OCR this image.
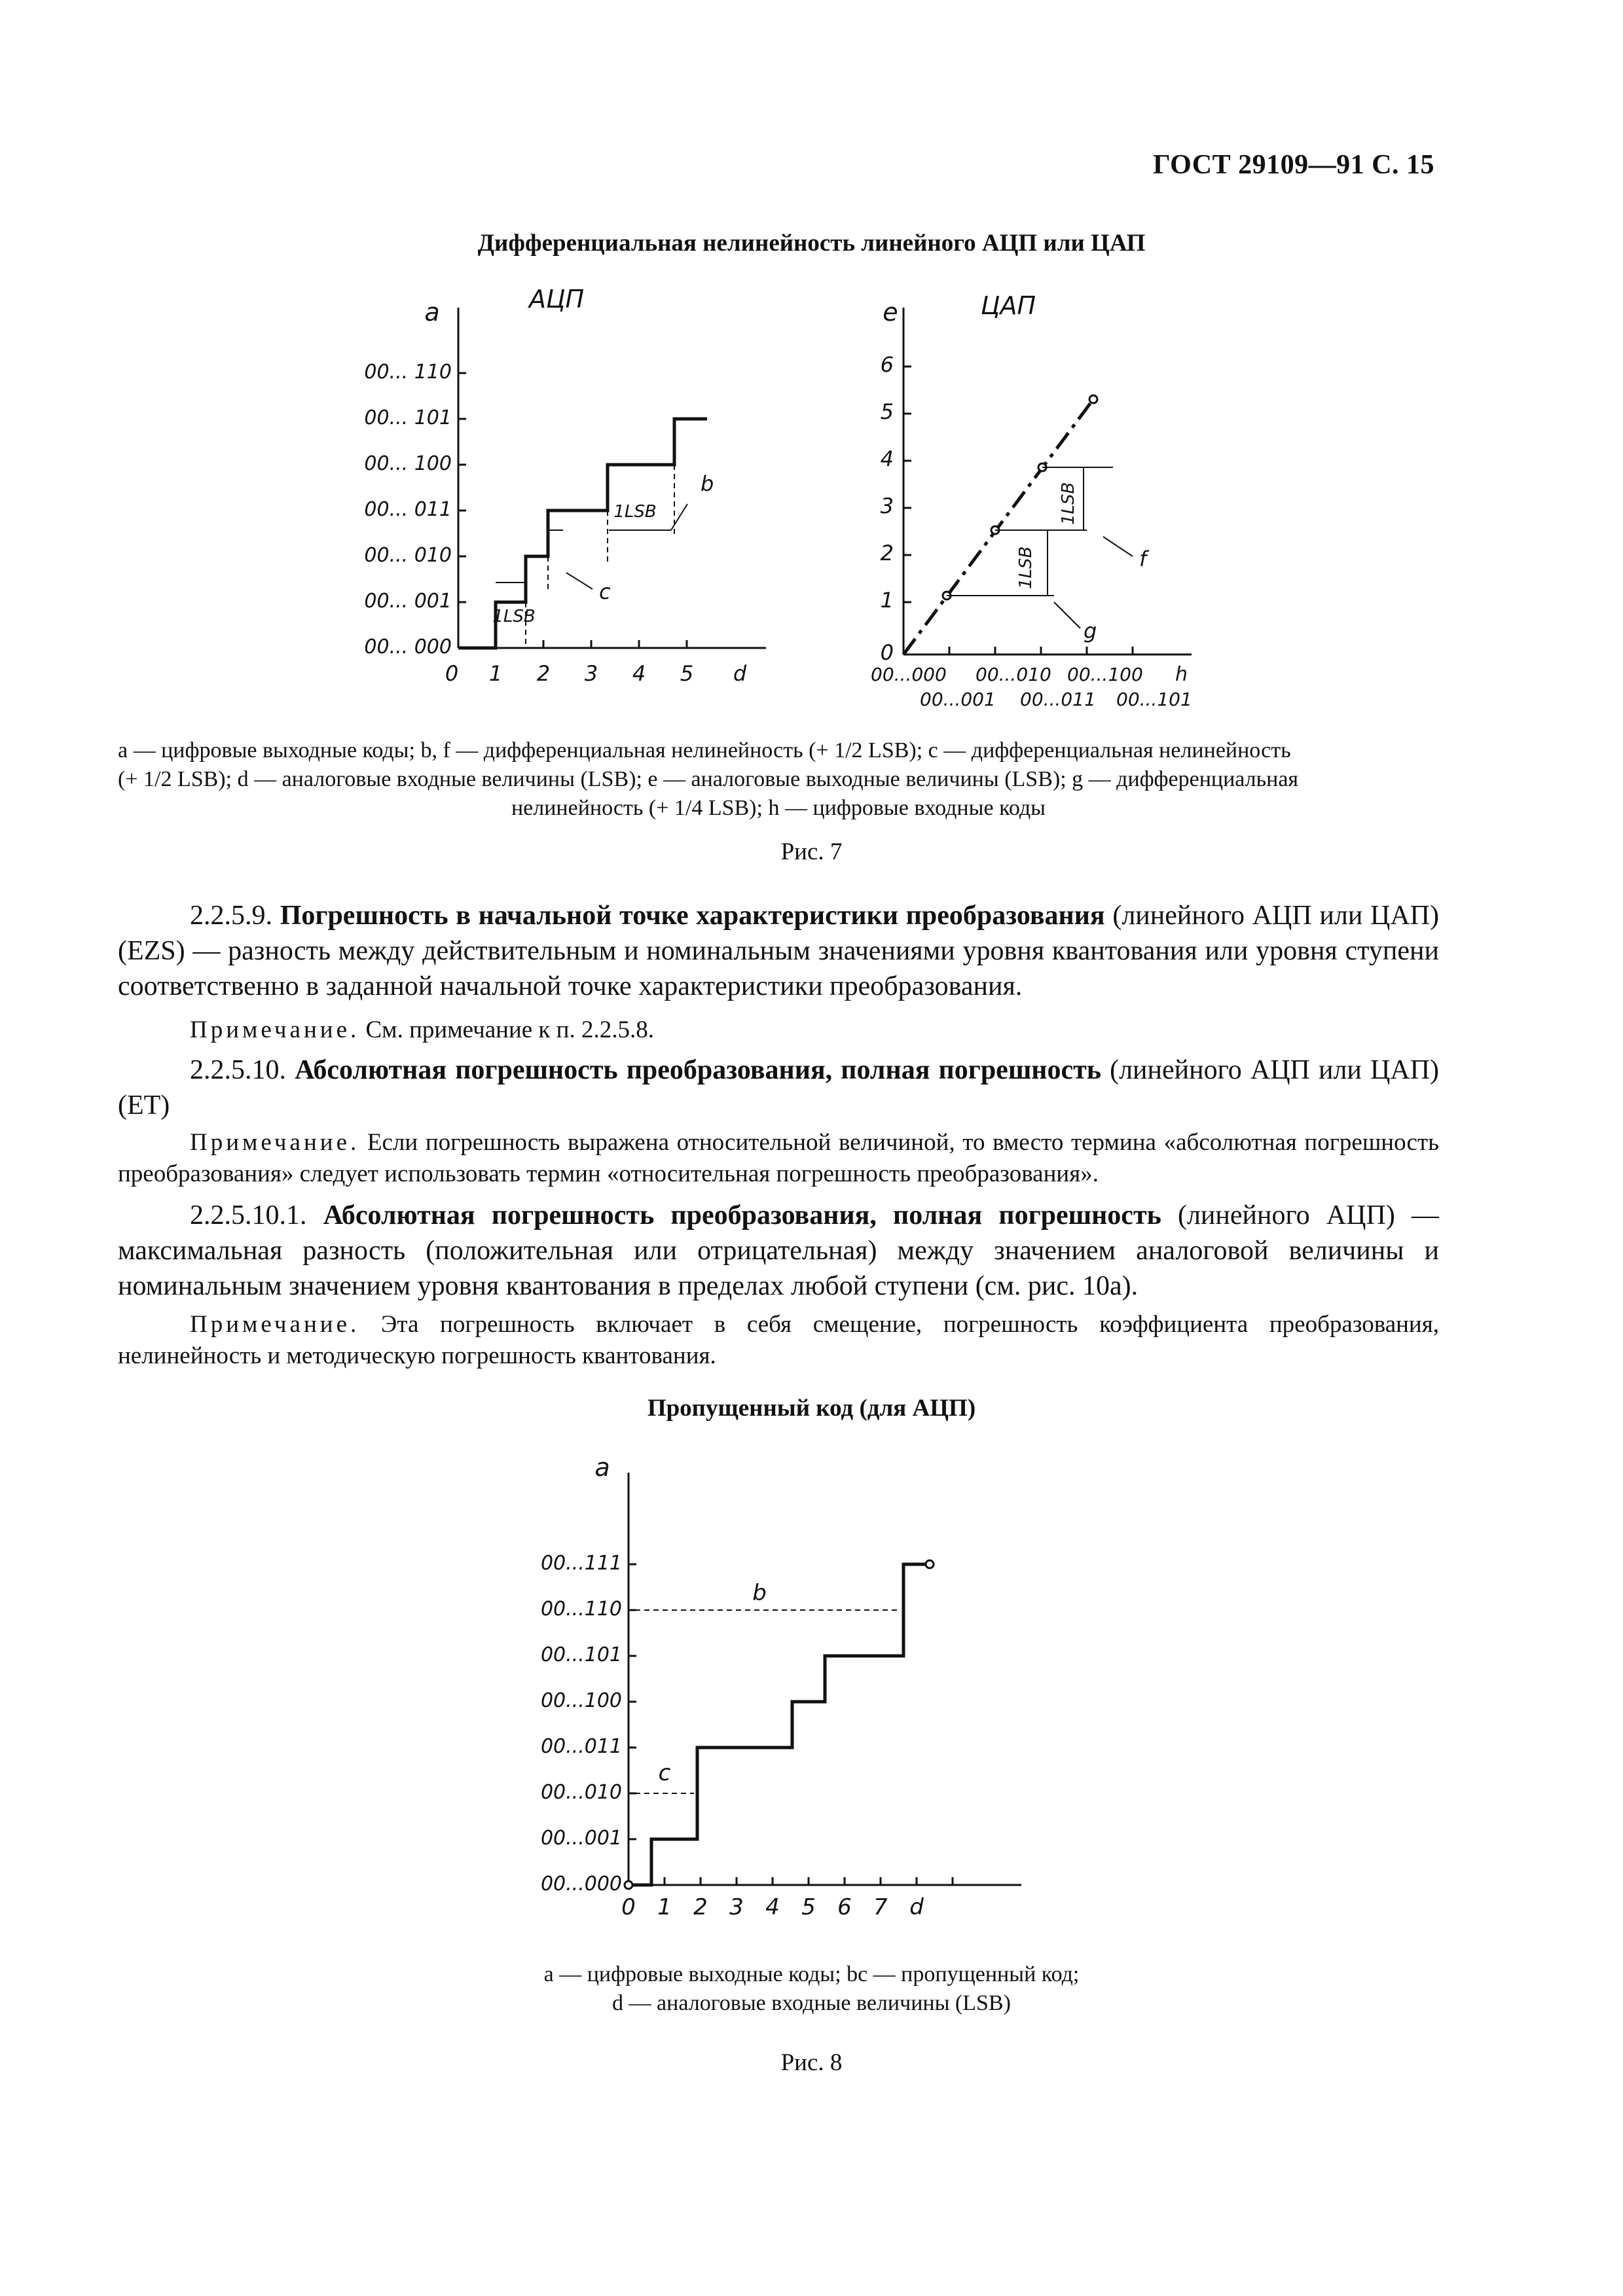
ГОСТ 29109—91 С. 15
Дифференциальная нелинейность линейного АЦП или ЦАП
00... 000
00... 001
00... 010
00... 011
00... 100
00... 101
00... 110
0 1 2 3 4 5 d
a	АЦП
1LSB
1LSB
b
c
0
1
2
3
4
5
6
e	ЦАП
00...000 00...010 00...100 h
00...001 00...011 00...101
1LSB
1LSB
f
g
a — цифровые выходные коды; b, f — дифференциальная нелинейность (+ 1/2 LSB); c — дифференциальная нелинейность
(+ 1/2 LSB); d — аналоговые входные величины (LSB); e — аналоговые выходные величины (LSB); g — дифференциальная
нелинейность (+ 1/4 LSB); h — цифровые входные коды
Рис. 7
2.2.5.9. Погрешность в начальной точке характеристики преобразования (линейного АЦП или ЦАП) (EZS) — разность между действительным и номинальным значениями уровня квантования или уровня ступени соответственно в заданной начальной точке характеристики преобразования.
Примечание. См. примечание к п. 2.2.5.8.
2.2.5.10. Абсолютная погрешность преобразования, полная погрешность (линейного АЦП или ЦАП) (ET)
Примечание. Если погрешность выражена относительной величиной, то вместо термина «абсолютная погрешность преобразования» следует использовать термин «относительная погрешность преобразования».
2.2.5.10.1. Абсолютная погрешность преобразования, полная погрешность (линейного АЦП) — максимальная разность (положительная или отрицательная) между значением аналоговой величины и номинальным значением уровня квантования в пределах любой ступени (см. рис. 10а).
Примечание. Эта погрешность включает в себя смещение, погрешность коэффициента преобразования, нелинейность и методическую погрешность квантования.
Пропущенный код (для АЦП)
00...000
00...001
00...010
00...011
00...100
00...101
00...110
00...111
0 1 2 3 4 5 6 7 d
a
b
c
a — цифровые выходные коды; bc — пропущенный код;
d — аналоговые входные величины (LSB)
Рис. 8
